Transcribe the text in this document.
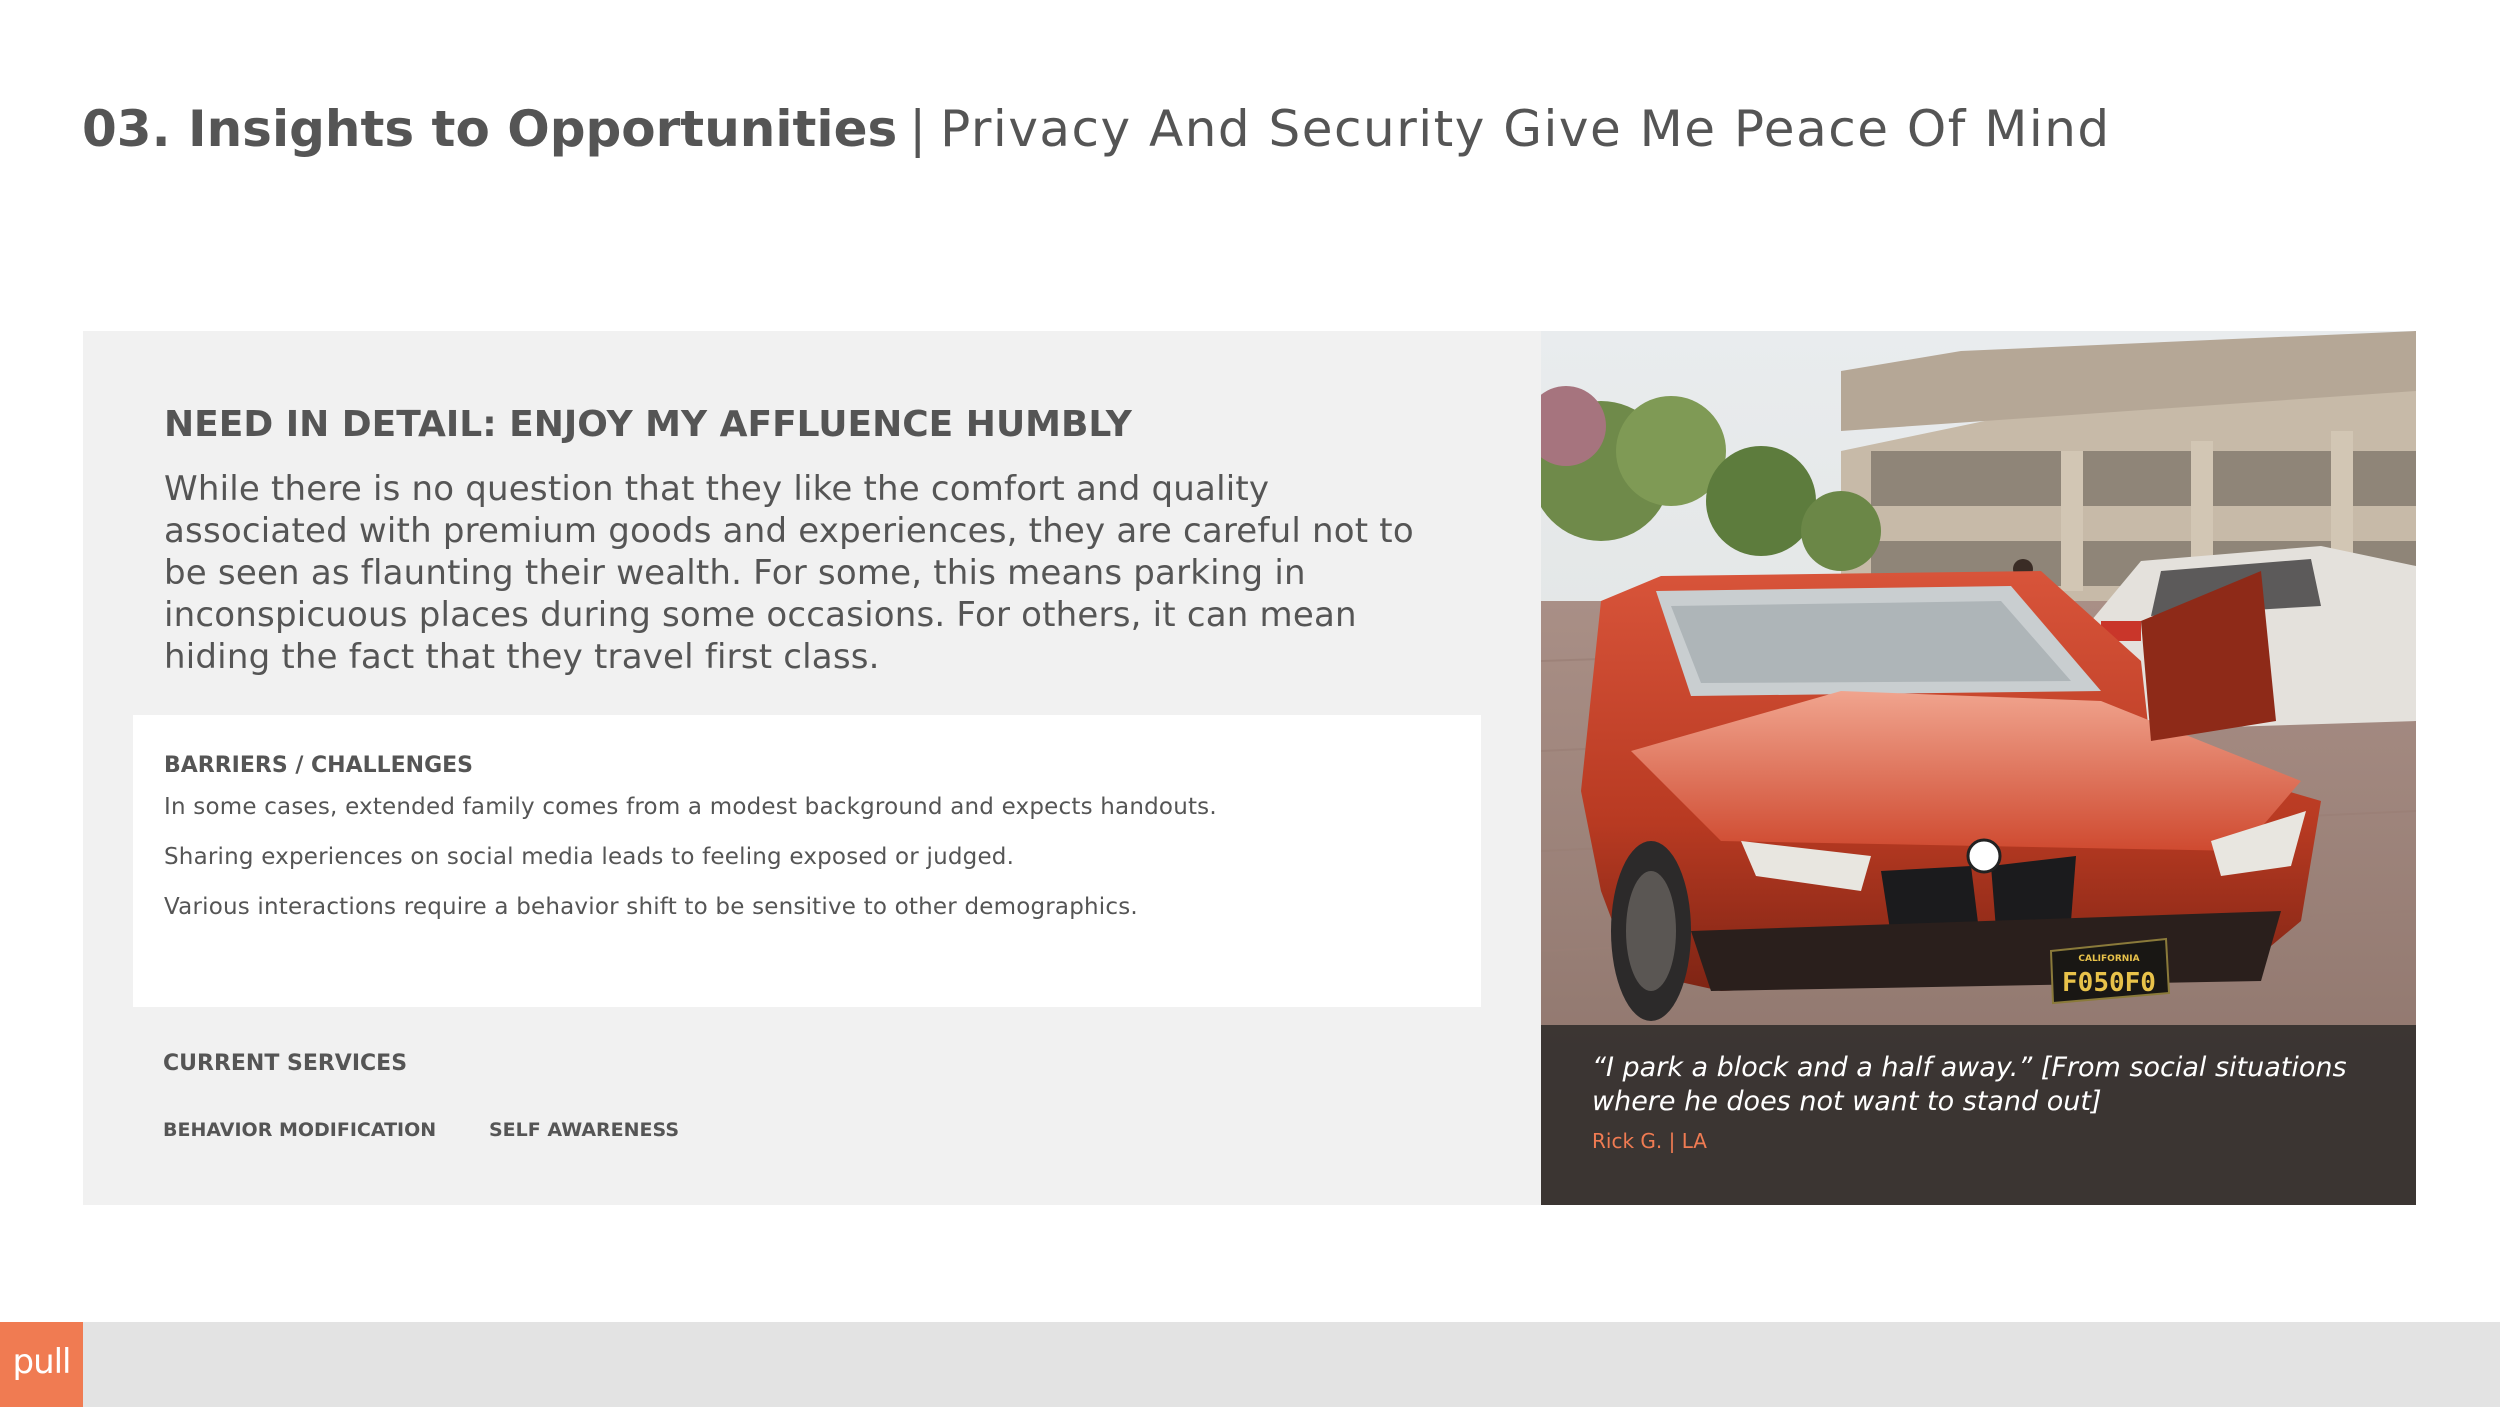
03. Insights to Opportunities | Privacy And Security Give Me Peace Of Mind
NEED IN DETAIL: ENJOY MY AFFLUENCE HUMBLY
While there is no question that they like the comfort and quality associated with premium goods and experiences, they are careful not to be seen as flaunting their wealth. For some, this means parking in inconspicuous places during some occasions. For others, it can mean hiding the fact that they travel first class.
BARRIERS / CHALLENGES
In some cases, extended family comes from a modest background and expects handouts.
Sharing experiences on social media leads to feeling exposed or judged.
Various interactions require a behavior shift to be sensitive to other demographics.
CURRENT SERVICES
BEHAVIOR MODIFICATION	SELF AWARENESS
CALIFORNIA
F050F0
“I park a block and a half away.” [From social situations where he does not want to stand out]
Rick G. | LA
pull
